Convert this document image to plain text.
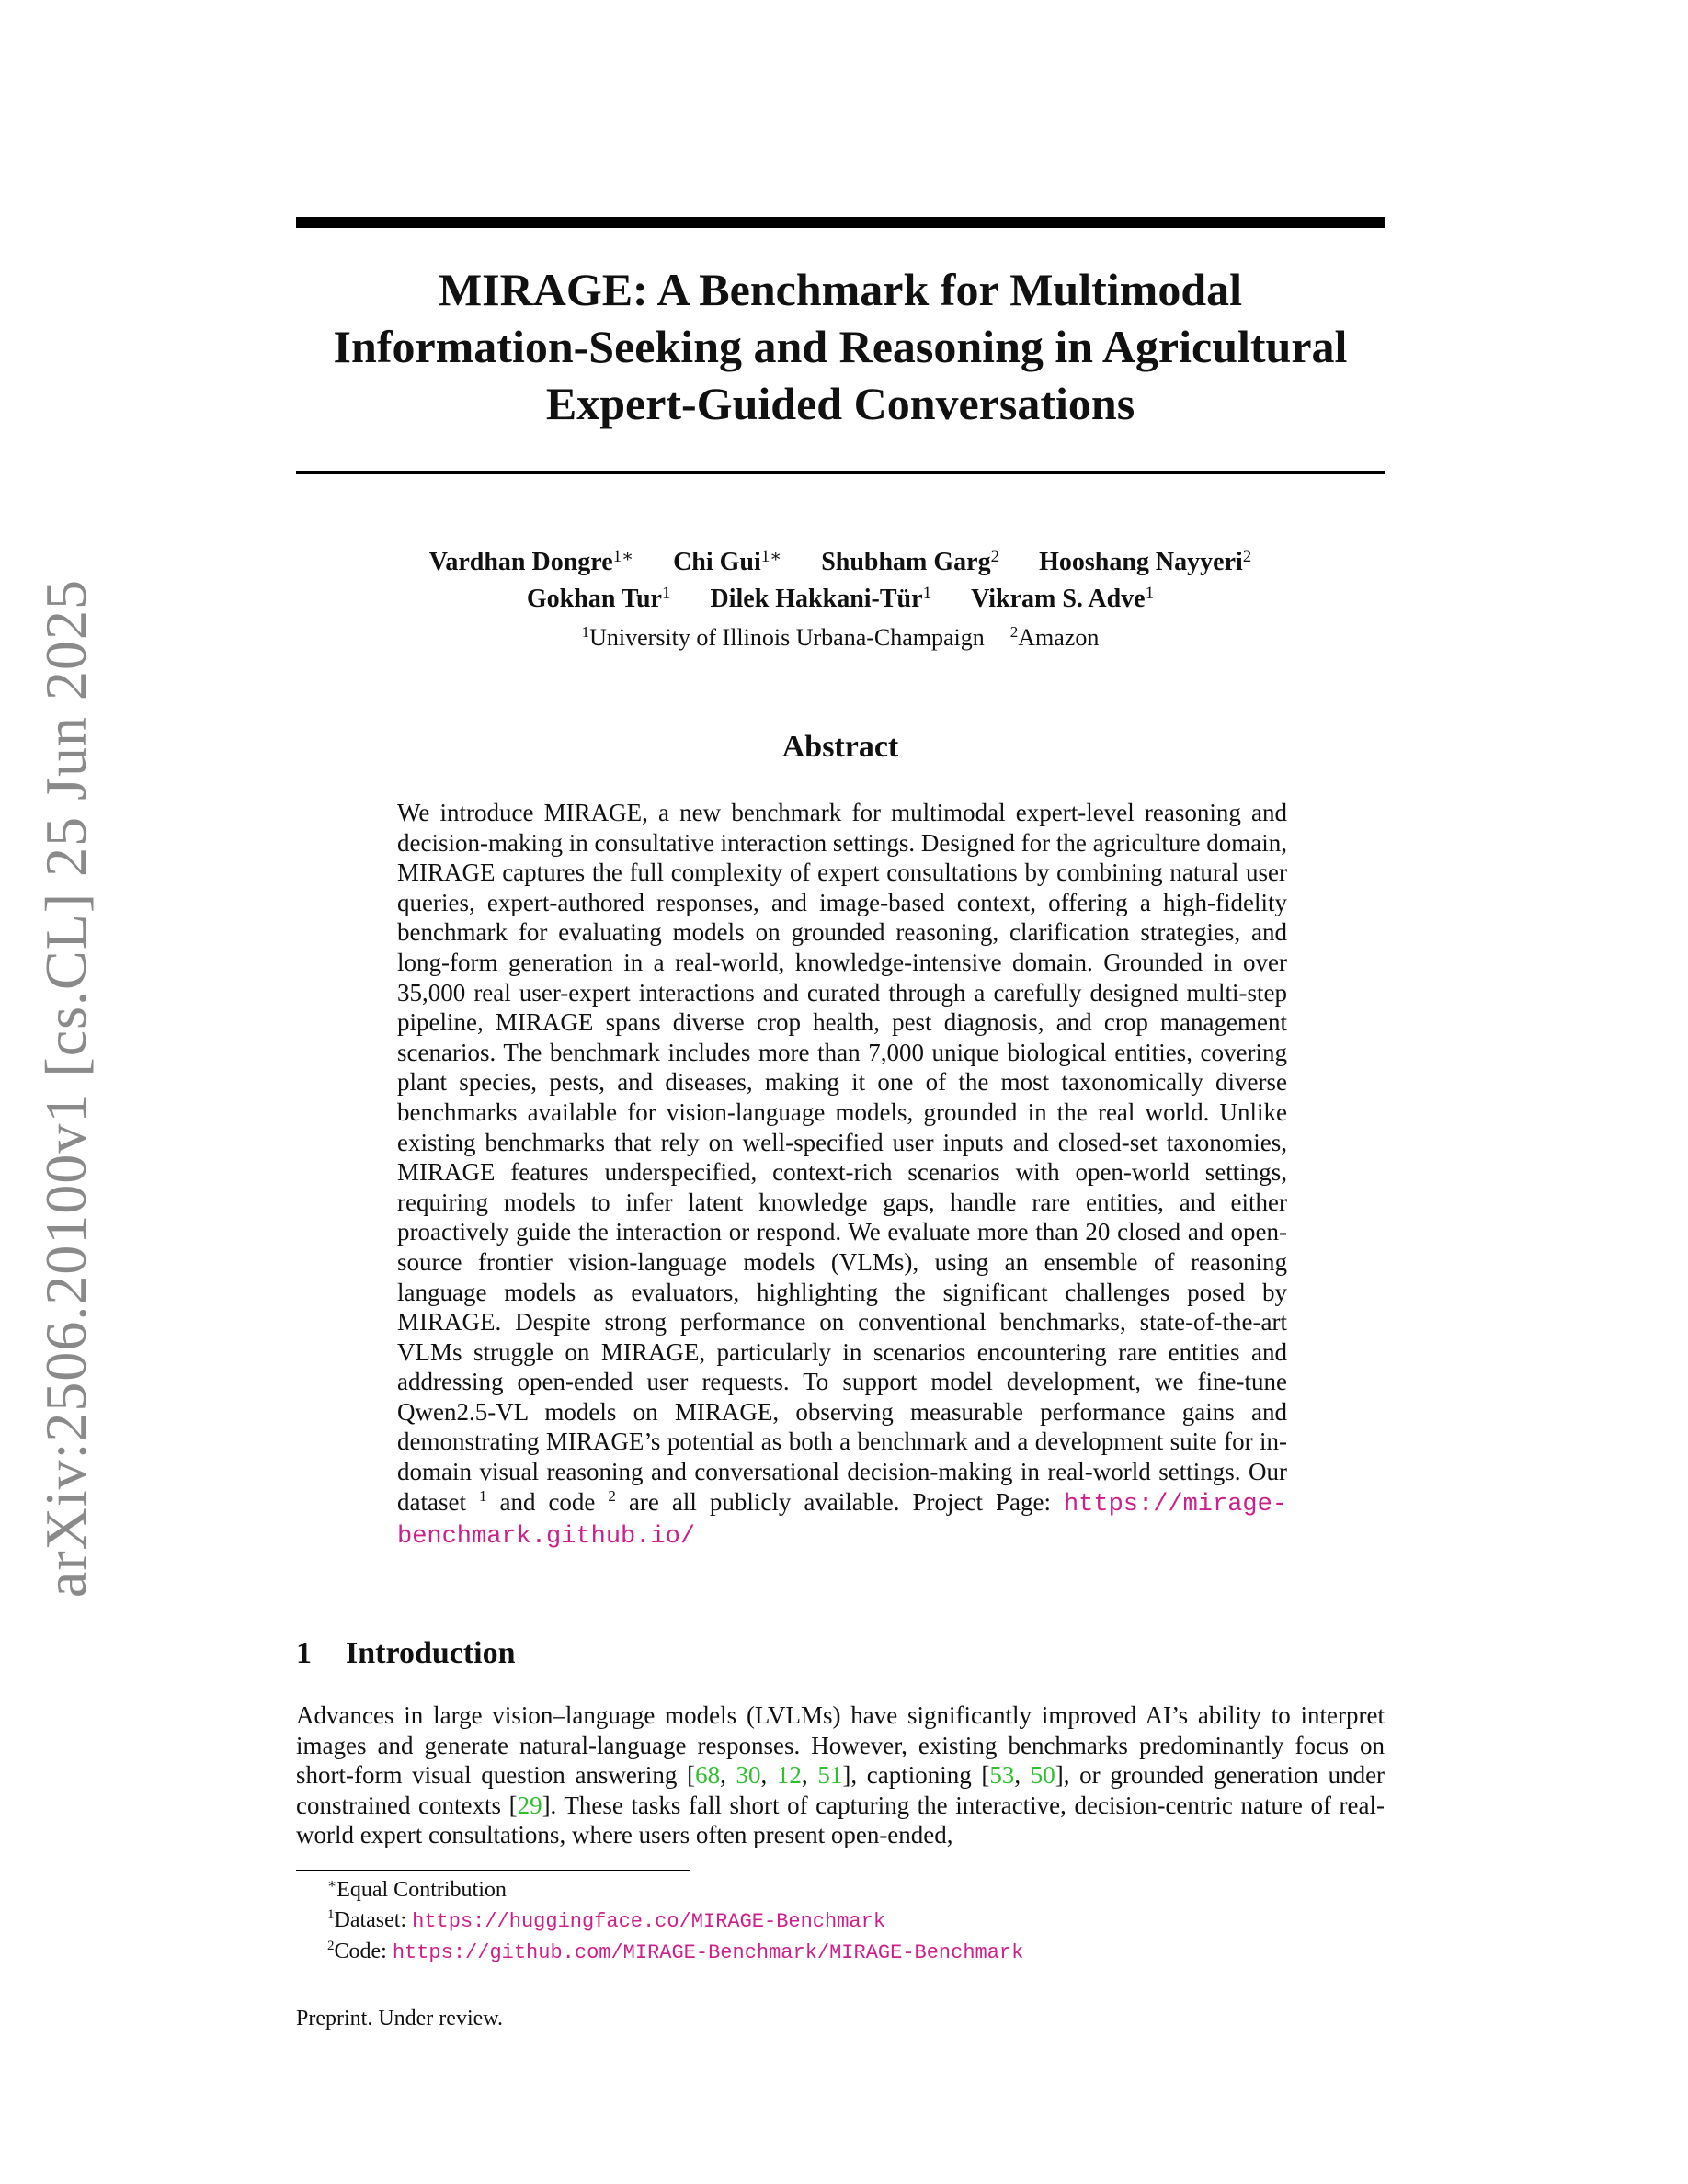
arXiv:2506.20100v1 [cs.CL] 25 Jun 2025
MIRAGE: A Benchmark for Multimodal
Information-Seeking and Reasoning in Agricultural
Expert-Guided Conversations
Vardhan Dongre$^{1∗}$ Chi Gui$^{1∗}$ Shubham Garg$^2$ Hooshang Nayyeri$^2$
Gokhan Tur$^1$ Dilek Hakkani-Tür$^1$ Vikram S. Adve$^1$
$^1$University of Illinois Urbana-Champaign $^2$Amazon
Abstract
We introduce MIRAGE, a new benchmark for multimodal expert-level reasoning and decision-making in consultative interaction settings. Designed for the agriculture domain, MIRAGE captures the full complexity of expert consultations by combining natural user queries, expert-authored responses, and image-based context, offering a high-fidelity benchmark for evaluating models on grounded reasoning, clarification strategies, and long-form generation in a real-world, knowledge-intensive domain. Grounded in over 35,000 real user-expert interactions and curated through a carefully designed multi-step pipeline, MIRAGE spans diverse crop health, pest diagnosis, and crop management scenarios. The benchmark includes more than 7,000 unique biological entities, covering plant species, pests, and diseases, making it one of the most taxonomically diverse benchmarks available for vision-language models, grounded in the real world. Unlike existing benchmarks that rely on well-specified user inputs and closed-set taxonomies, MIRAGE features underspecified, context-rich scenarios with open-world settings, requiring models to infer latent knowledge gaps, handle rare entities, and either proactively guide the interaction or respond. We evaluate more than 20 closed and open-source frontier vision-language models (VLMs), using an ensemble of reasoning language models as evaluators, highlighting the significant challenges posed by MIRAGE. Despite strong performance on conventional benchmarks, state-of-the-art VLMs struggle on MIRAGE, particularly in scenarios encountering rare entities and addressing open-ended user requests. To support model development, we fine-tune Qwen2.5-VL models on MIRAGE, observing measurable performance gains and demonstrating MIRAGE’s potential as both a benchmark and a development suite for in-domain visual reasoning and conversational decision-making in real-world settings. Our dataset $^1$ and code $^2$ are all publicly available. Project Page: https://mirage-benchmark.github.io/
1 Introduction
Advances in large vision–language models (LVLMs) have significantly improved AI’s ability to interpret images and generate natural-language responses. However, existing benchmarks predominantly focus on short-form visual question answering [68, 30, 12, 51], captioning [53, 50], or grounded generation under constrained contexts [29]. These tasks fall short of capturing the interactive, decision-centric nature of real-world expert consultations, where users often present open-ended,
∗Equal Contribution
$^1$Dataset: https://huggingface.co/MIRAGE-Benchmark
$^2$Code: https://github.com/MIRAGE-Benchmark/MIRAGE-Benchmark
Preprint. Under review.
